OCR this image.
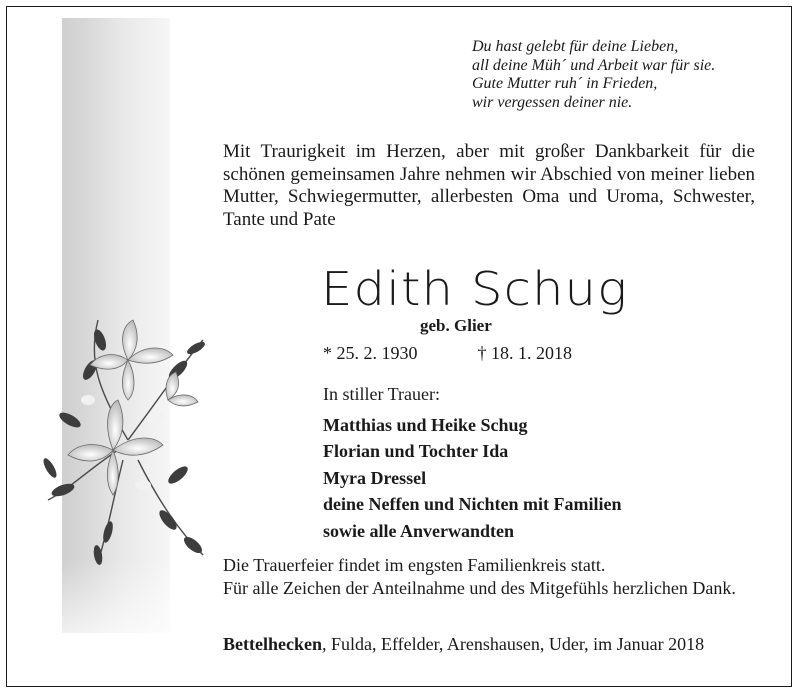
Du hast gelebt für deine Lieben,
all deine Müh´ und Arbeit war für sie.
Gute Mutter ruh´ in Frieden,
wir vergessen deiner nie.
Mit Traurigkeit im Herzen, aber mit großer Dankbarkeit für die schönen gemeinsamen Jahre nehmen wir Abschied von meiner lieben Mutter, Schwiegermutter, allerbesten Oma und Uroma, Schwester, Tante und Pate
Edith Schug
geb. Glier
* 25. 2. 1930	† 18. 1. 2018
In stiller Trauer:
Matthias und Heike Schug
Florian und Tochter Ida
Myra Dressel
deine Neffen und Nichten mit Familien
sowie alle Anverwandten
Die Trauerfeier findet im engsten Familienkreis statt.
Für alle Zeichen der Anteilnahme und des Mitgefühls herzlichen Dank.
Bettelhecken, Fulda, Effelder, Arenshausen, Uder, im Januar 2018
